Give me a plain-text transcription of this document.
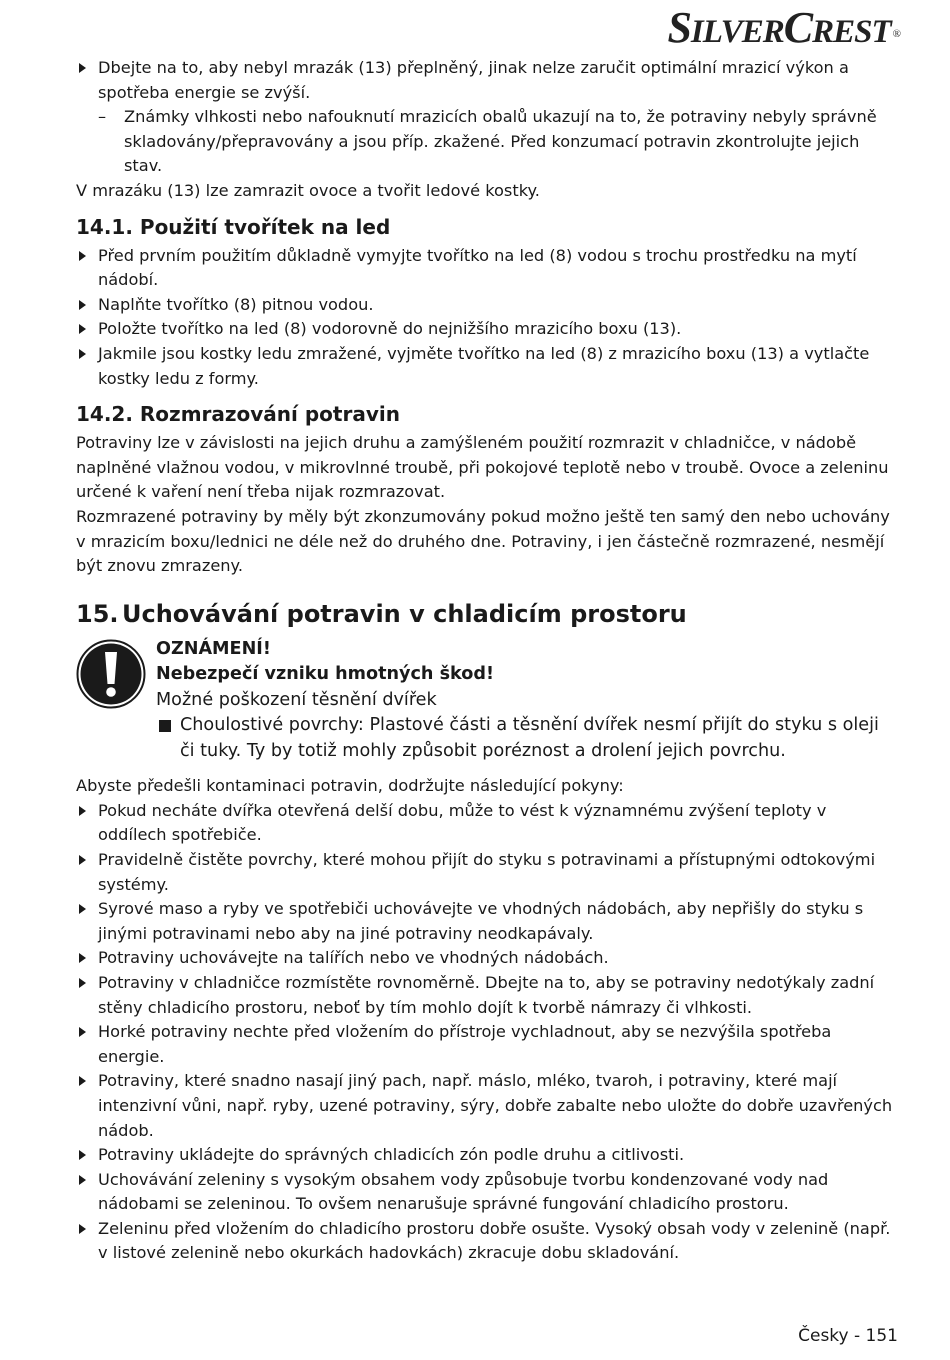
SILVERCREST ®
Dbejte na to, aby nebyl mrazák (13) přeplněný, jinak nelze zaručit optimální mrazicí výkon a spotřeba energie se zvýší.
– Známky vlhkosti nebo nafouknutí mrazicích obalů ukazují na to, že potraviny nebyly správně skladovány/přepravovány a jsou příp. zkažené. Před konzumací potravin zkontrolujte jejich stav.

V mrazáku (13) lze zamrazit ovoce a tvořit ledové kostky.

14.1. Použití tvořítek na led
Před prvním použitím důkladně vymyjte tvořítko na led (8) vodou s trochu prostředku na mytí nádobí.
Naplňte tvořítko (8) pitnou vodou.
Položte tvořítko na led (8) vodorovně do nejnižšího mrazicího boxu (13).
Jakmile jsou kostky ledu zmražené, vyjměte tvořítko na led (8) z mrazicího boxu (13) a vytlačte kostky ledu z formy.
14.2. Rozmrazování potravin

Potraviny lze v závislosti na jejich druhu a zamýšleném použití rozmrazit v chladničce, v nádobě naplněné vlažnou vodou, v mikrovlnné troubě, při pokojové teplotě nebo v troubě. Ovoce a zeleninu určené k vaření není třeba nijak rozmrazovat.

Rozmrazené potraviny by měly být zkonzumovány pokud možno ještě ten samý den nebo uchovány v mrazicím boxu/lednici ne déle než do druhého dne. Potraviny, i jen částečně rozmrazené, nesmějí být znovu zmrazeny.

15. Uchovávání potravin v chladicím prostoru
OZNÁMENÍ!
Nebezpečí vzniku hmotných škod!
Možné poškození těsnění dvířek
Choulostivé povrchy: Plastové části a těsnění dvířek nesmí přijít do styku s oleji či tuky. Ty by totiž mohly způsobit poréznost a drolení jejich povrchu.

Abyste předešli kontaminaci potravin, dodržujte následující pokyny:

Pokud necháte dvířka otevřená delší dobu, může to vést k významnému zvýšení teploty v oddílech spotřebiče.
Pravidelně čistěte povrchy, které mohou přijít do styku s potravinami a přístupnými odtokovými systémy.
Syrové maso a ryby ve spotřebiči uchovávejte ve vhodných nádobách, aby nepřišly do styku s jinými potravinami nebo aby na jiné potraviny neodkapávaly.
Potraviny uchovávejte na talířích nebo ve vhodných nádobách.
Potraviny v chladničce rozmístěte rovnoměrně. Dbejte na to, aby se potraviny nedotýkaly zadní stěny chladicího prostoru, neboť by tím mohlo dojít k tvorbě námrazy či vlhkosti.
Horké potraviny nechte před vložením do přístroje vychladnout, aby se nezvýšila spotřeba energie.
Potraviny, které snadno nasají jiný pach, např. máslo, mléko, tvaroh, i potraviny, které mají intenzivní vůni, např. ryby, uzené potraviny, sýry, dobře zabalte nebo uložte do dobře uzavřených nádob.
Potraviny ukládejte do správných chladicích zón podle druhu a citlivosti.
Uchovávání zeleniny s vysokým obsahem vody způsobuje tvorbu kondenzované vody nad nádobami se zeleninou. To ovšem nenarušuje správné fungování chladicího prostoru.
Zeleninu před vložením do chladicího prostoru dobře osušte. Vysoký obsah vody v zelenině (např. v listové zelenině nebo okurkách hadovkách) zkracuje dobu skladování.
Česky - 151
